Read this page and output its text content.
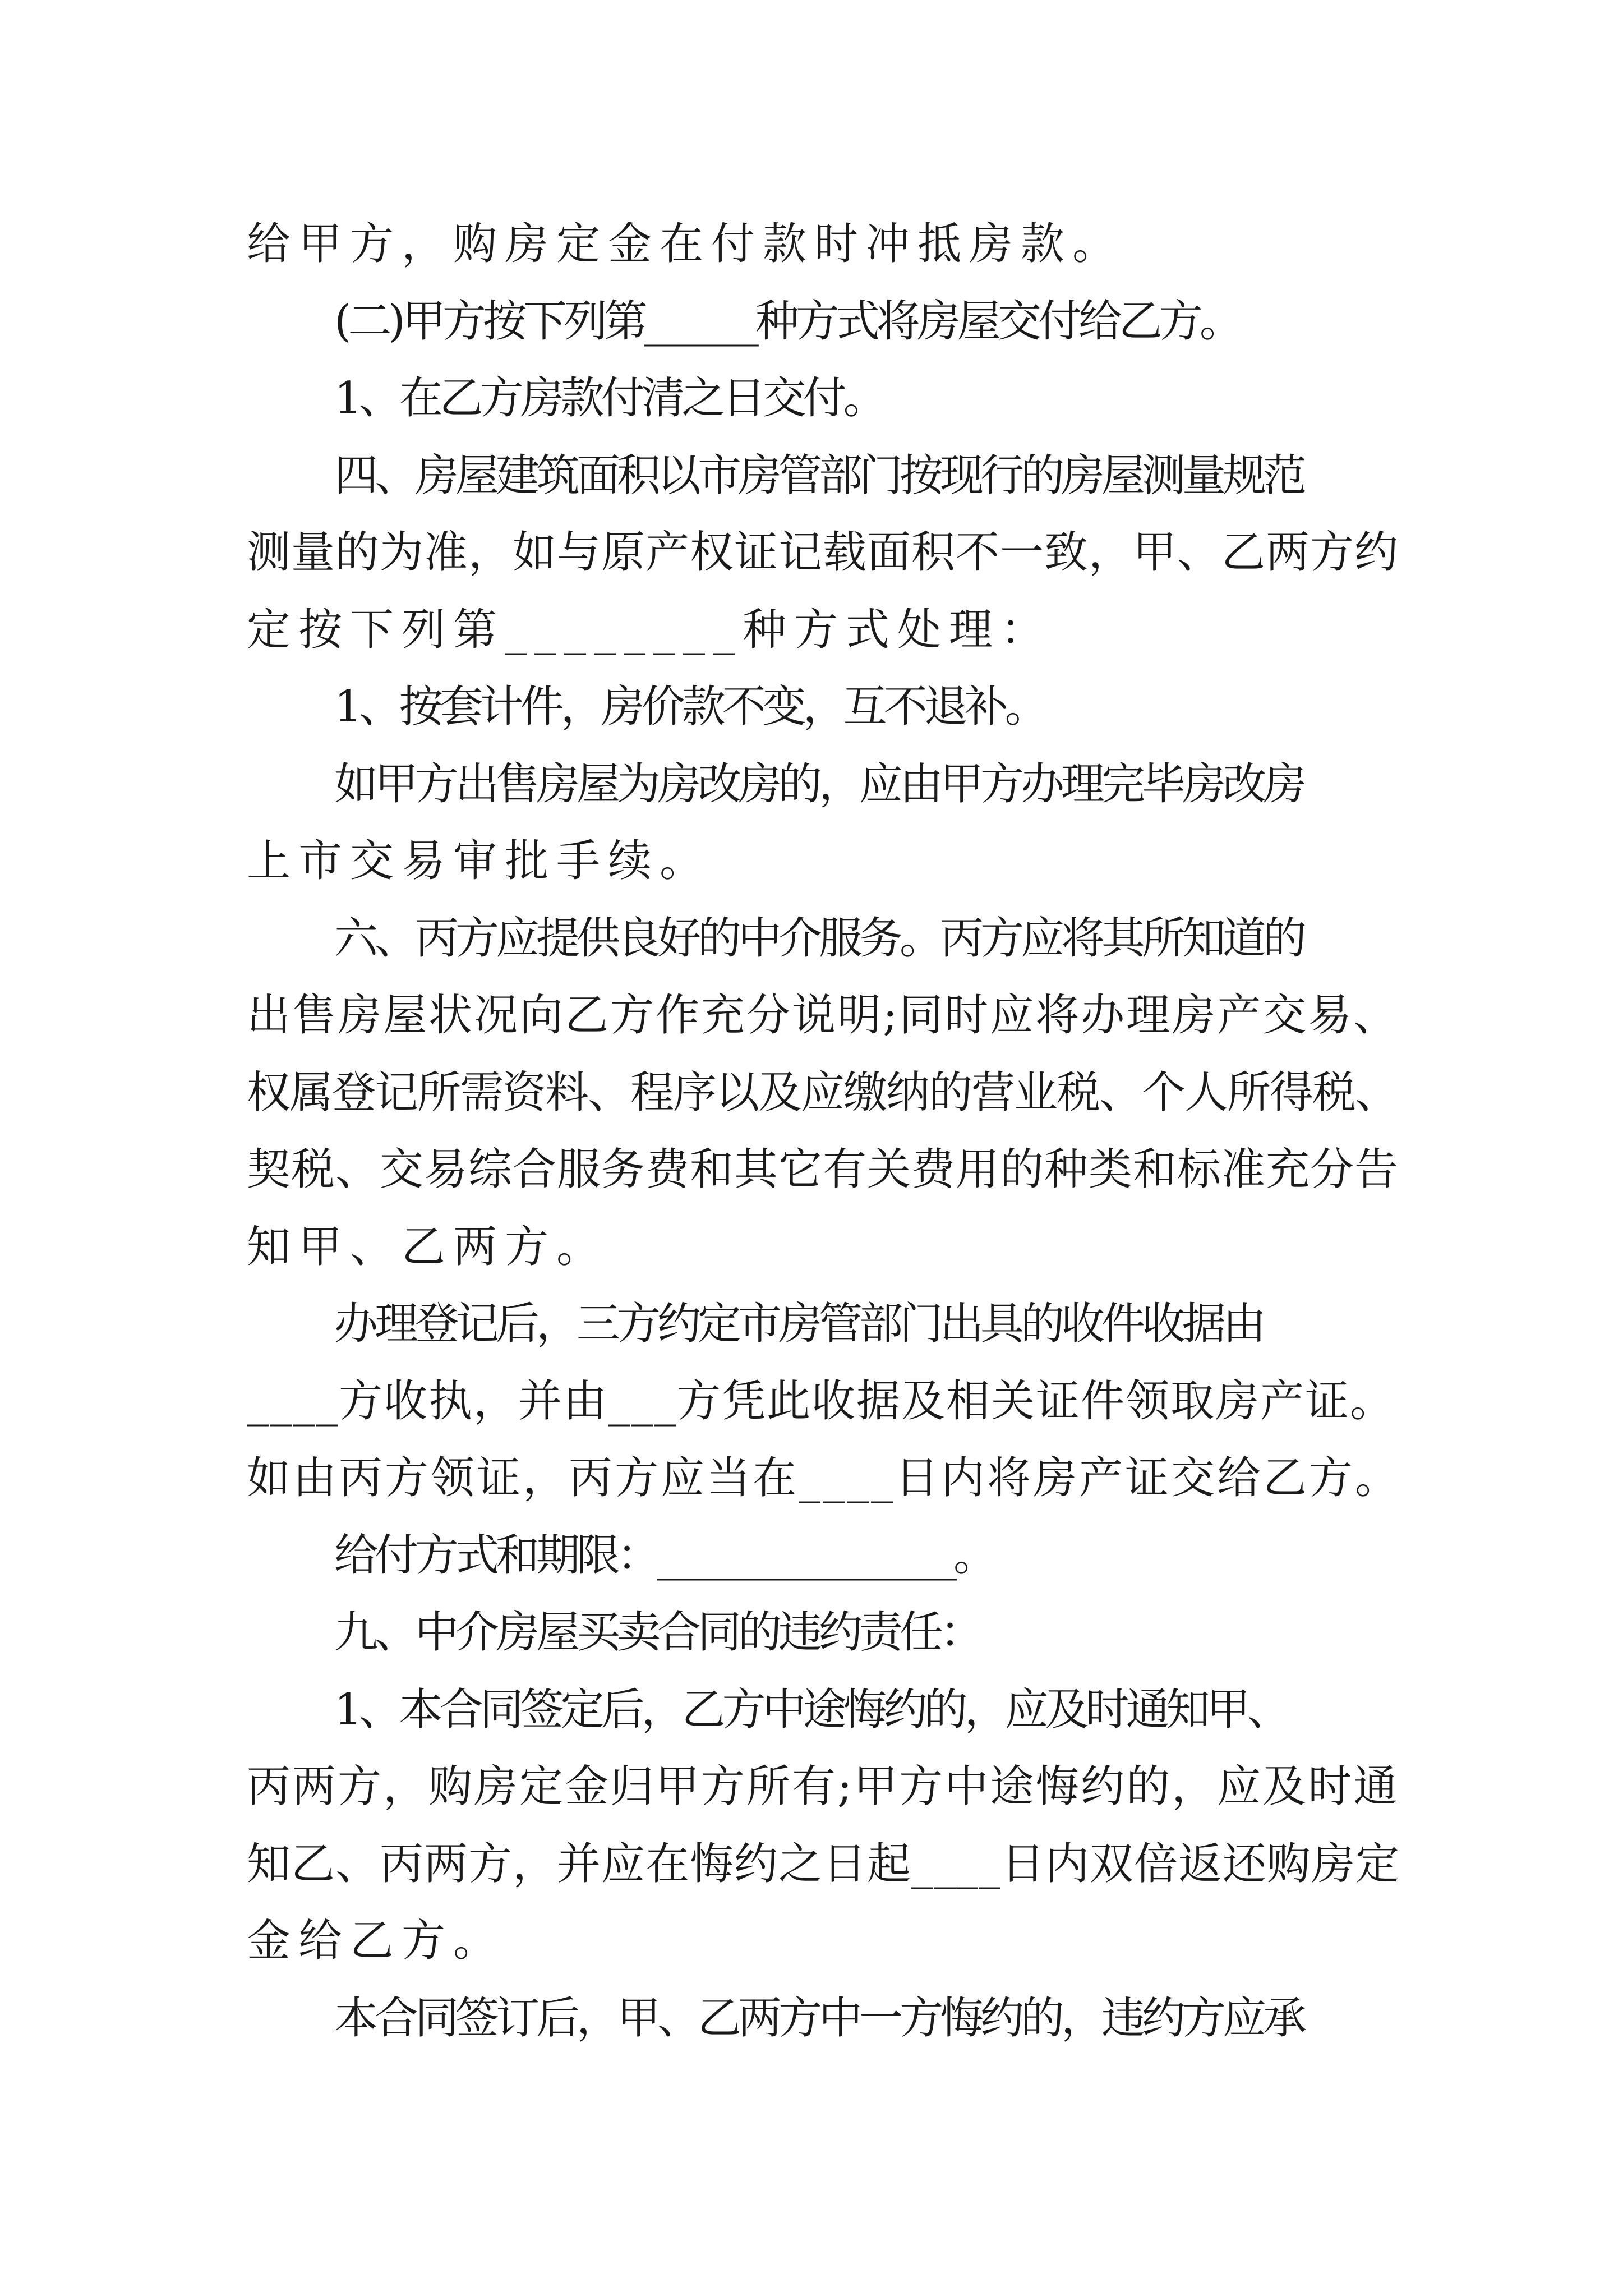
给甲方，购房定金在付款时冲抵房款。

(二)甲方按下列第______种方式将房屋交付给乙方。

1、在乙方房款付清之日交付。

四、房屋建筑面积以市房管部门按现行的房屋测量规范

测量的为准，如与原产权证记载面积不一致，甲、乙两方约

定按下列第________种方式处理：

1、按套计件，房价款不变，互不退补。

如甲方出售房屋为房改房的，应由甲方办理完毕房改房

上市交易审批手续。

六、丙方应提供良好的中介服务。丙方应将其所知道的

出售房屋状况向乙方作充分说明;同时应将办理房产交易、

权属登记所需资料、程序以及应缴纳的营业税、个人所得税、

契税、交易综合服务费和其它有关费用的种类和标准充分告

知甲、乙两方。

办理登记后，三方约定市房管部门出具的收件收据由

____方收执，并由___方凭此收据及相关证件领取房产证。

如由丙方领证，丙方应当在____日内将房产证交给乙方。

给付方式和期限：________________。

九、中介房屋买卖合同的违约责任：

1、本合同签定后，乙方中途悔约的，应及时通知甲、

丙两方，购房定金归甲方所有;甲方中途悔约的，应及时通

知乙、丙两方，并应在悔约之日起____日内双倍返还购房定

金给乙方。

本合同签订后，甲、乙两方中一方悔约的，违约方应承
